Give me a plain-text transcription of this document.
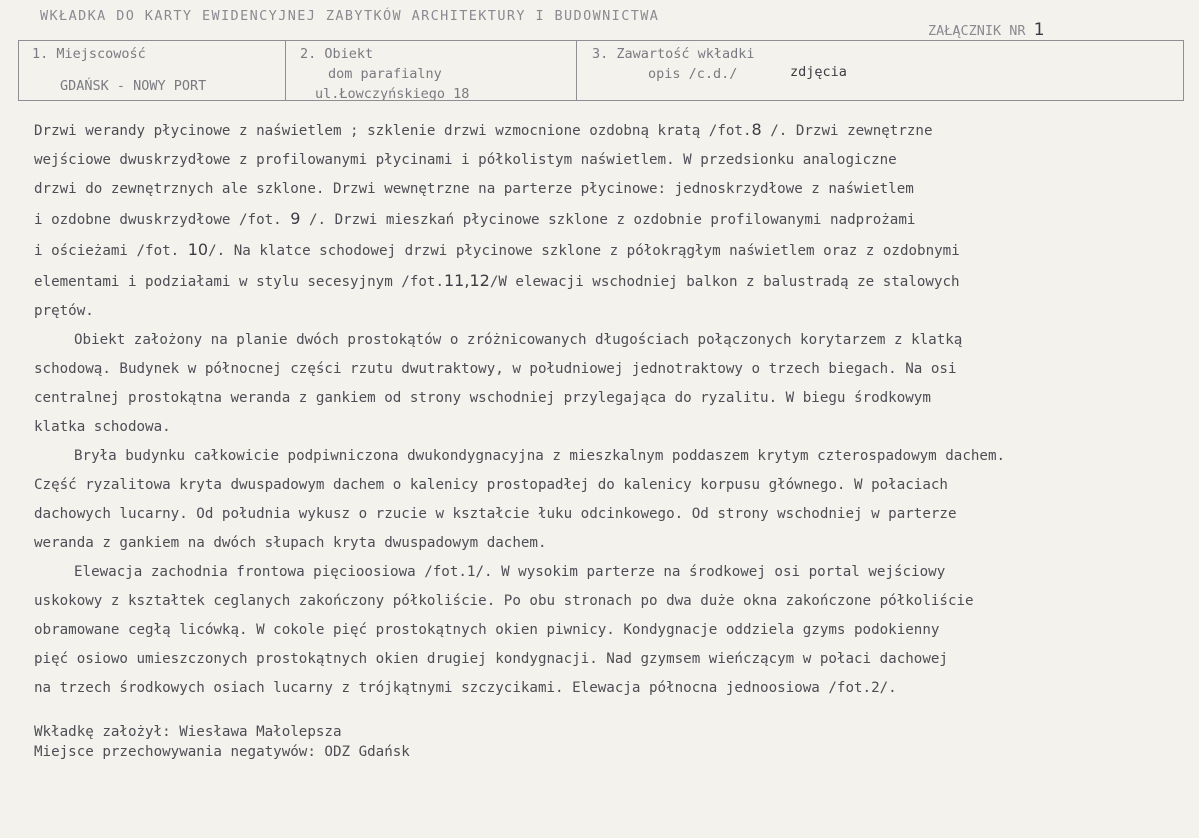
WKŁADKA DO KARTY EWIDENCYJNEJ ZABYTKÓW ARCHITEKTURY I BUDOWNICTWA
ZAŁĄCZNIK NR 1
1. Miejscowość
GDAŃSK - NOWY PORT
2. Obiekt
dom parafialny
ul.Łowczyńskiego 18
3. Zawartość wkładki
opis /c.d./	zdjęcia

Drzwi werandy płycinowe z naświetlem ; szklenie drzwi wzmocnione ozdobną kratą /fot.8 /. Drzwi zewnętrzne
wejściowe dwuskrzydłowe z profilowanymi płycinami i półkolistym naświetlem. W przedsionku analogiczne
drzwi do zewnętrznych ale szklone. Drzwi wewnętrzne na parterze płycinowe: jednoskrzydłowe z naświetlem
i ozdobne dwuskrzydłowe /fot. 9 /. Drzwi mieszkań płycinowe szklone z ozdobnie profilowanymi nadprożami
i ościeżami /fot. 10/. Na klatce schodowej drzwi płycinowe szklone z półokrągłym naświetlem oraz z ozdobnymi
elementami i podziałami w stylu secesyjnym /fot.11,12/W elewacji wschodniej balkon z balustradą ze stalowych
prętów.

Obiekt założony na planie dwóch prostokątów o zróżnicowanych długościach połączonych korytarzem z klatką
schodową. Budynek w północnej części rzutu dwutraktowy, w południowej jednotraktowy o trzech biegach. Na osi
centralnej prostokątna weranda z gankiem od strony wschodniej przylegająca do ryzalitu. W biegu środkowym
klatka schodowa.

Bryła budynku całkowicie podpiwniczona dwukondygnacyjna z mieszkalnym poddaszem krytym czterospadowym dachem.
Część ryzalitowa kryta dwuspadowym dachem o kalenicy prostopadłej do kalenicy korpusu głównego. W połaciach
dachowych lucarny. Od południa wykusz o rzucie w kształcie łuku odcinkowego. Od strony wschodniej w parterze
weranda z gankiem na dwóch słupach kryta dwuspadowym dachem.

Elewacja zachodnia frontowa pięcioosiowa /fot.1/. W wysokim parterze na środkowej osi portal wejściowy
uskokowy z kształtek ceglanych zakończony półkoliście. Po obu stronach po dwa duże okna zakończone półkoliście
obramowane cegłą licówką. W cokole pięć prostokątnych okien piwnicy. Kondygnacje oddziela gzyms podokienny
pięć osiowo umieszczonych prostokątnych okien drugiej kondygnacji. Nad gzymsem wieńczącym w połaci dachowej
na trzech środkowych osiach lucarny z trójkątnymi szczycikami. Elewacja północna jednoosiowa /fot.2/.

Wkładkę założył: Wiesława Małolepsza
Miejsce przechowywania negatywów: ODZ Gdańsk
